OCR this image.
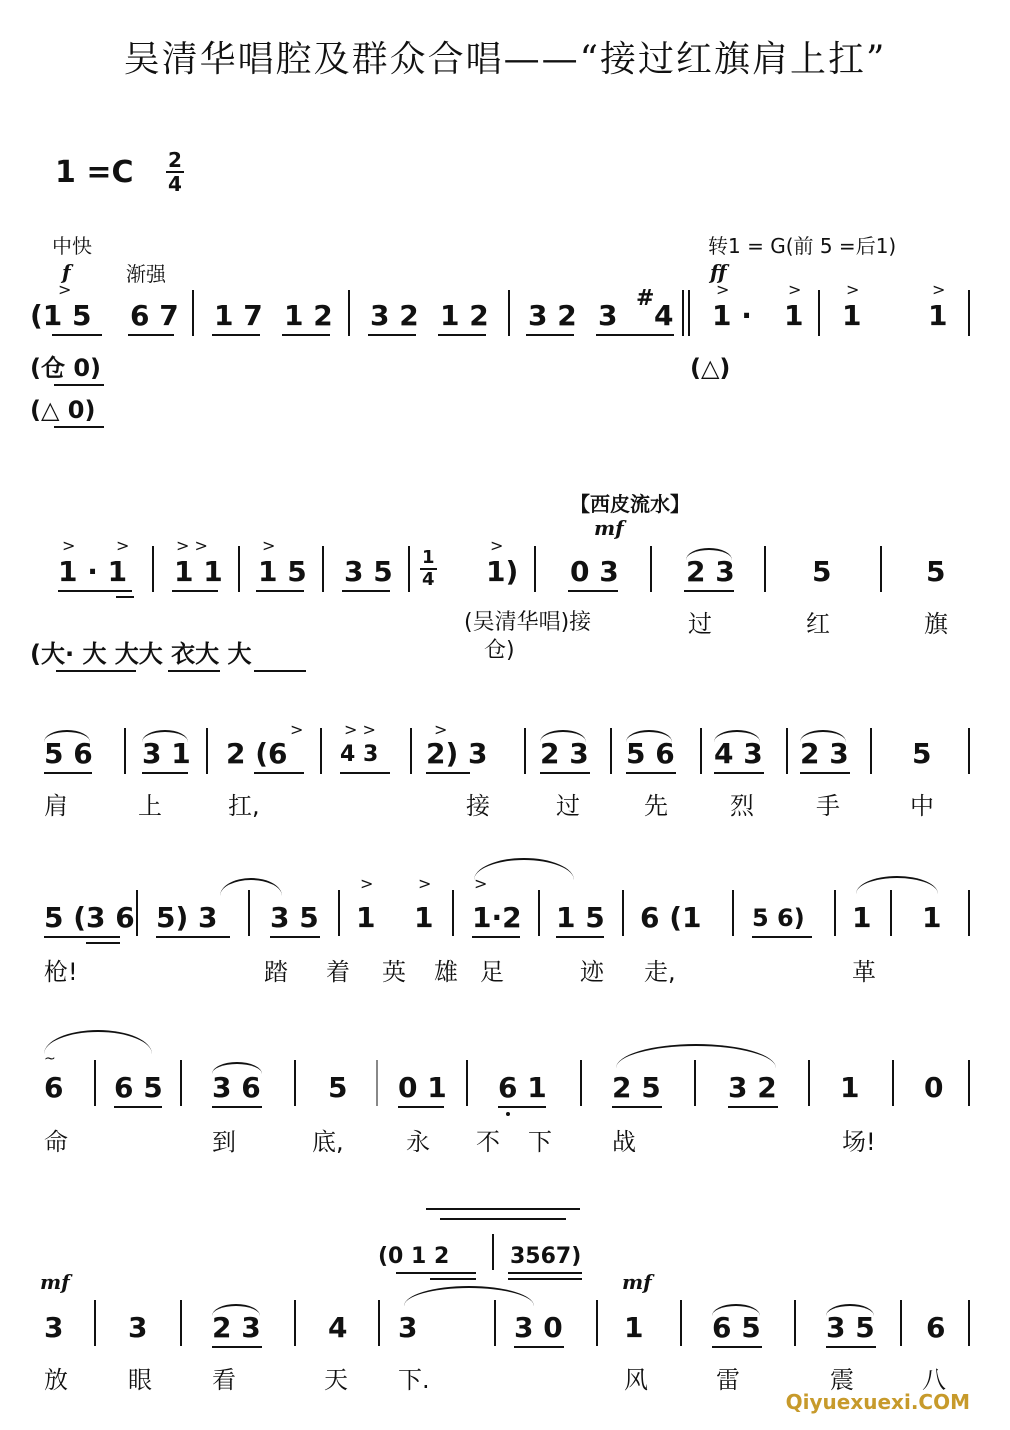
吴清华唱腔及群众合唱——“接过红旗肩上扛”
$1 =C \frac{2}{4}$
中快
f	渐强
转1 = G(前 5 =后1)
ff
(1 5 6 7 1 7 1 2 3 2 1 2 3 2 3
#
4 1 · 1 1 1
>	>	>	>	>
(仓 0)	(△)
(△ 0)
【西皮流水】
mf
1 · 1 1 1 1 5 3 $5 \frac{1}{4} 1$) 0 3 2 3	5	5
>	>	> >	>	>
(吴清华唱)接	过	红	旗
(大· 大 大大 衣大 大	仓)
5 6 3 1 2 (6 4 3 2) 3 2 3 5 6 4 3 2 3 5
>	> >	>
肩	上	扛,	接	过	先	烈	手	中
5 (3 6 5) 3 3 5 1 1 1·2 1 5 6 (1 5 6) 1 1
>	>	>
枪!	踏 着 英 雄 足	迹 走,	革
6
~
6 5 3 6 5 0 1 6 1 2 5 3 2 1 0
命	到	底,	永 不 下	战	场!
(0 1 2	3567)
mf	mf
3 3 2 3 4 3	3 0 1 6 5 3 5 6
放	眼	看	天 下.	风	雷	震	八
Qiyuexuexi.COM
